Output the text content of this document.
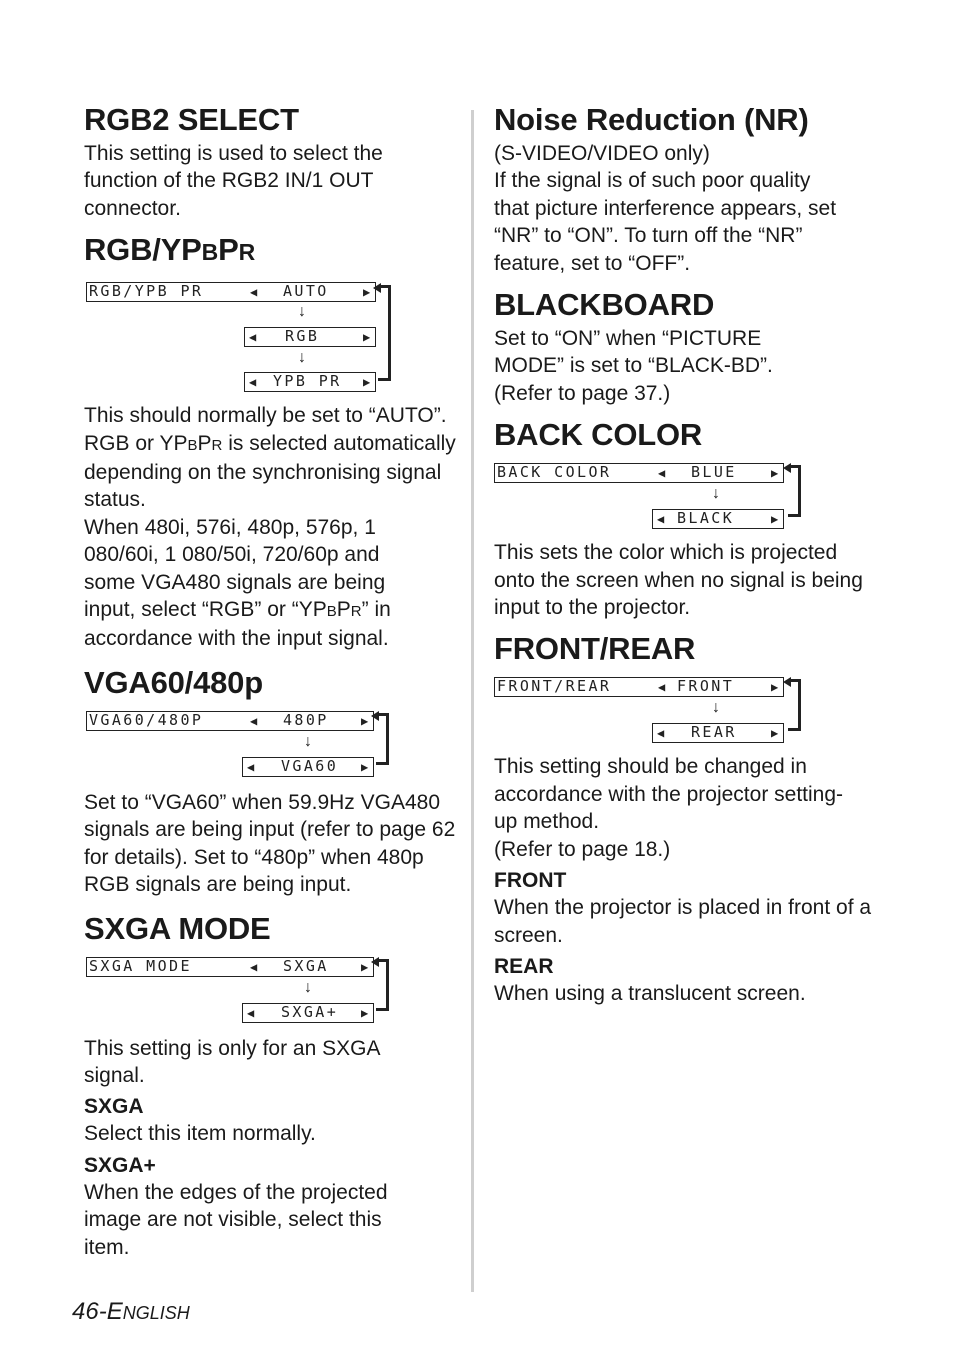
RGB2 SELECT

This setting is used to select the function of the RGB2 IN/1 OUT connector.

RGB/YPBPR
RGB/YPB PR	◀ AUTO	▶
↓
◀ RGB	▶
↓
◀ YPB PR ▶

This should normally be set to “AUTO”. RGB or YPBPR is selected automatically depending on the synchronising signal status.

When 480i, 576i, 480p, 576p, 1 080/60i, 1 080/50i, 720/60p and some VGA480 signals are being input, select “RGB” or “YPBPR” in accordance with the input signal.

VGA60/480p
VGA60/480P	◀ 480P	▶
↓
◀ VGA60 ▶

Set to “VGA60” when 59.9Hz VGA480 signals are being input (refer to page 62 for details). Set to “480p” when 480p RGB signals are being input.

SXGA MODE
SXGA MODE	◀ SXGA	▶
↓
◀ SXGA+ ▶

This setting is only for an SXGA signal.

SXGA

Select this item normally.

SXGA+

When the edges of the projected image are not visible, select this item.

Noise Reduction (NR)

(S-VIDEO/VIDEO only)

If the signal is of such poor quality that picture interference appears, set “NR” to “ON”. To turn off the “NR” feature, set to “OFF”.

BLACKBOARD

Set to “ON” when “PICTURE MODE” is set to “BLACK-BD”. (Refer to page 37.)

BACK COLOR
BACK COLOR	◀ BLUE	▶
↓
◀ BLACK	▶

This sets the color which is projected onto the screen when no signal is being input to the projector.

FRONT/REAR
FRONT/REAR	◀ FRONT	▶
↓
◀ REAR	▶

This setting should be changed in accordance with the projector setting-up method.

(Refer to page 18.)

FRONT

When the projector is placed in front of a screen.

REAR

When using a translucent screen.

46-ENGLISH
